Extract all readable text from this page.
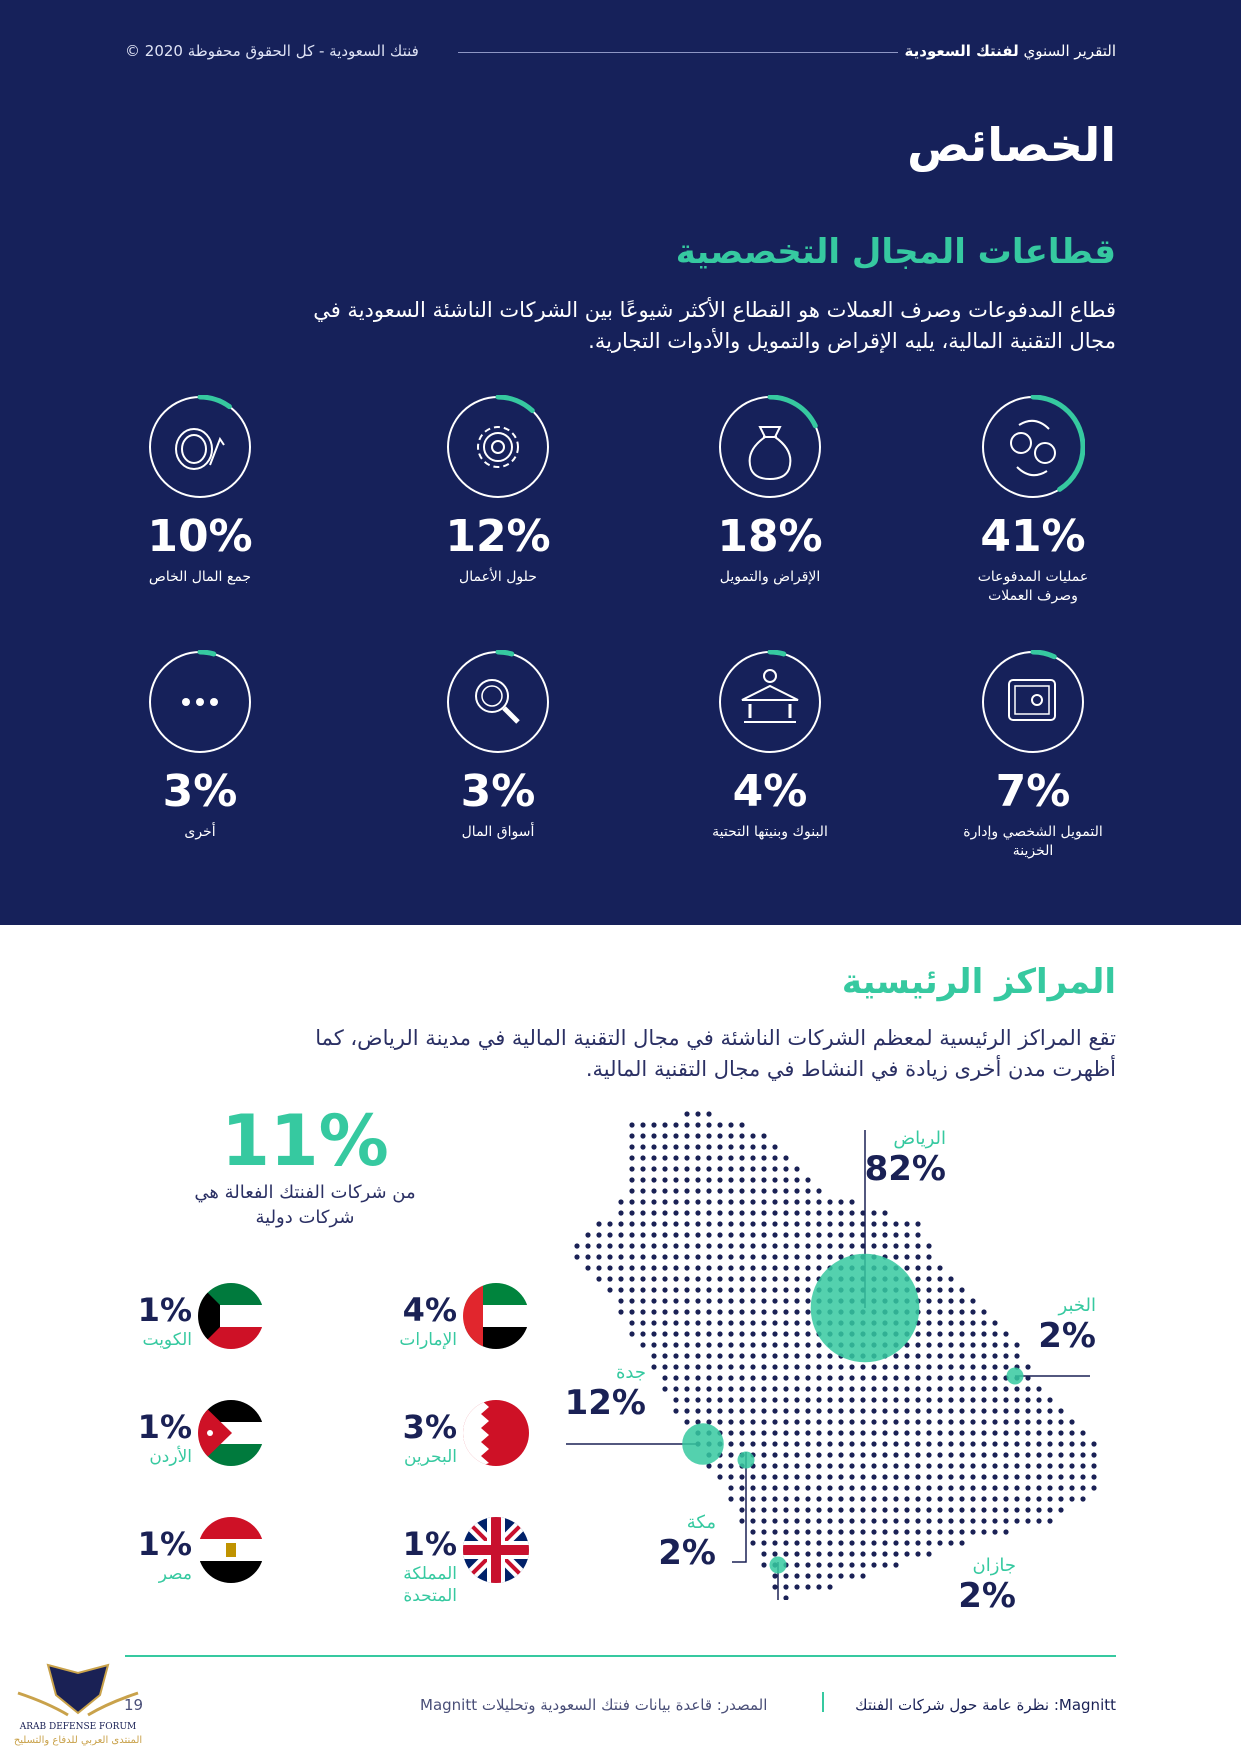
التقرير السنوي لفنتك السعودية
فنتك السعودية - كل الحقوق محفوظة 2020 ©
الخصائص
قطاعات المجال التخصصية
قطاع المدفوعات وصرف العملات هو القطاع الأكثر شيوعًا بين الشركات الناشئة السعودية في مجال التقنية المالية، يليه الإقراض والتمويل والأدوات التجارية.
41%
عمليات المدفوعات وصرف العملات
18%
الإقراض والتمويل
12%
حلول الأعمال
10%
جمع المال الخاص
7%
التمويل الشخصي وإدارة الخزينة
4%
البنوك وبنيتها التحتية
3%
أسواق المال
3%
أخرى
المراكز الرئيسية
تقع المراكز الرئيسية لمعظم الشركات الناشئة في مجال التقنية المالية في مدينة الرياض، كما أظهرت مدن أخرى زيادة في النشاط في مجال التقنية المالية.
11%
من شركات الفنتك الفعالة هي شركات دولية
4%
الإمارات
1%
الكويت
3%
البحرين
1%
الأردن
1%
المملكة المتحدة
1%
مصر
الرياض
82%
الخبر
2%
جدة
12%
مكة
2%	جازان
2%
Magnitt: نظرة عامة حول شركات الفنتك
المصدر: قاعدة بيانات فنتك السعودية وتحليلات Magnitt
19
ARAB DEFENSE FORUM
المنتدى العربي للدفاع والتسليح
